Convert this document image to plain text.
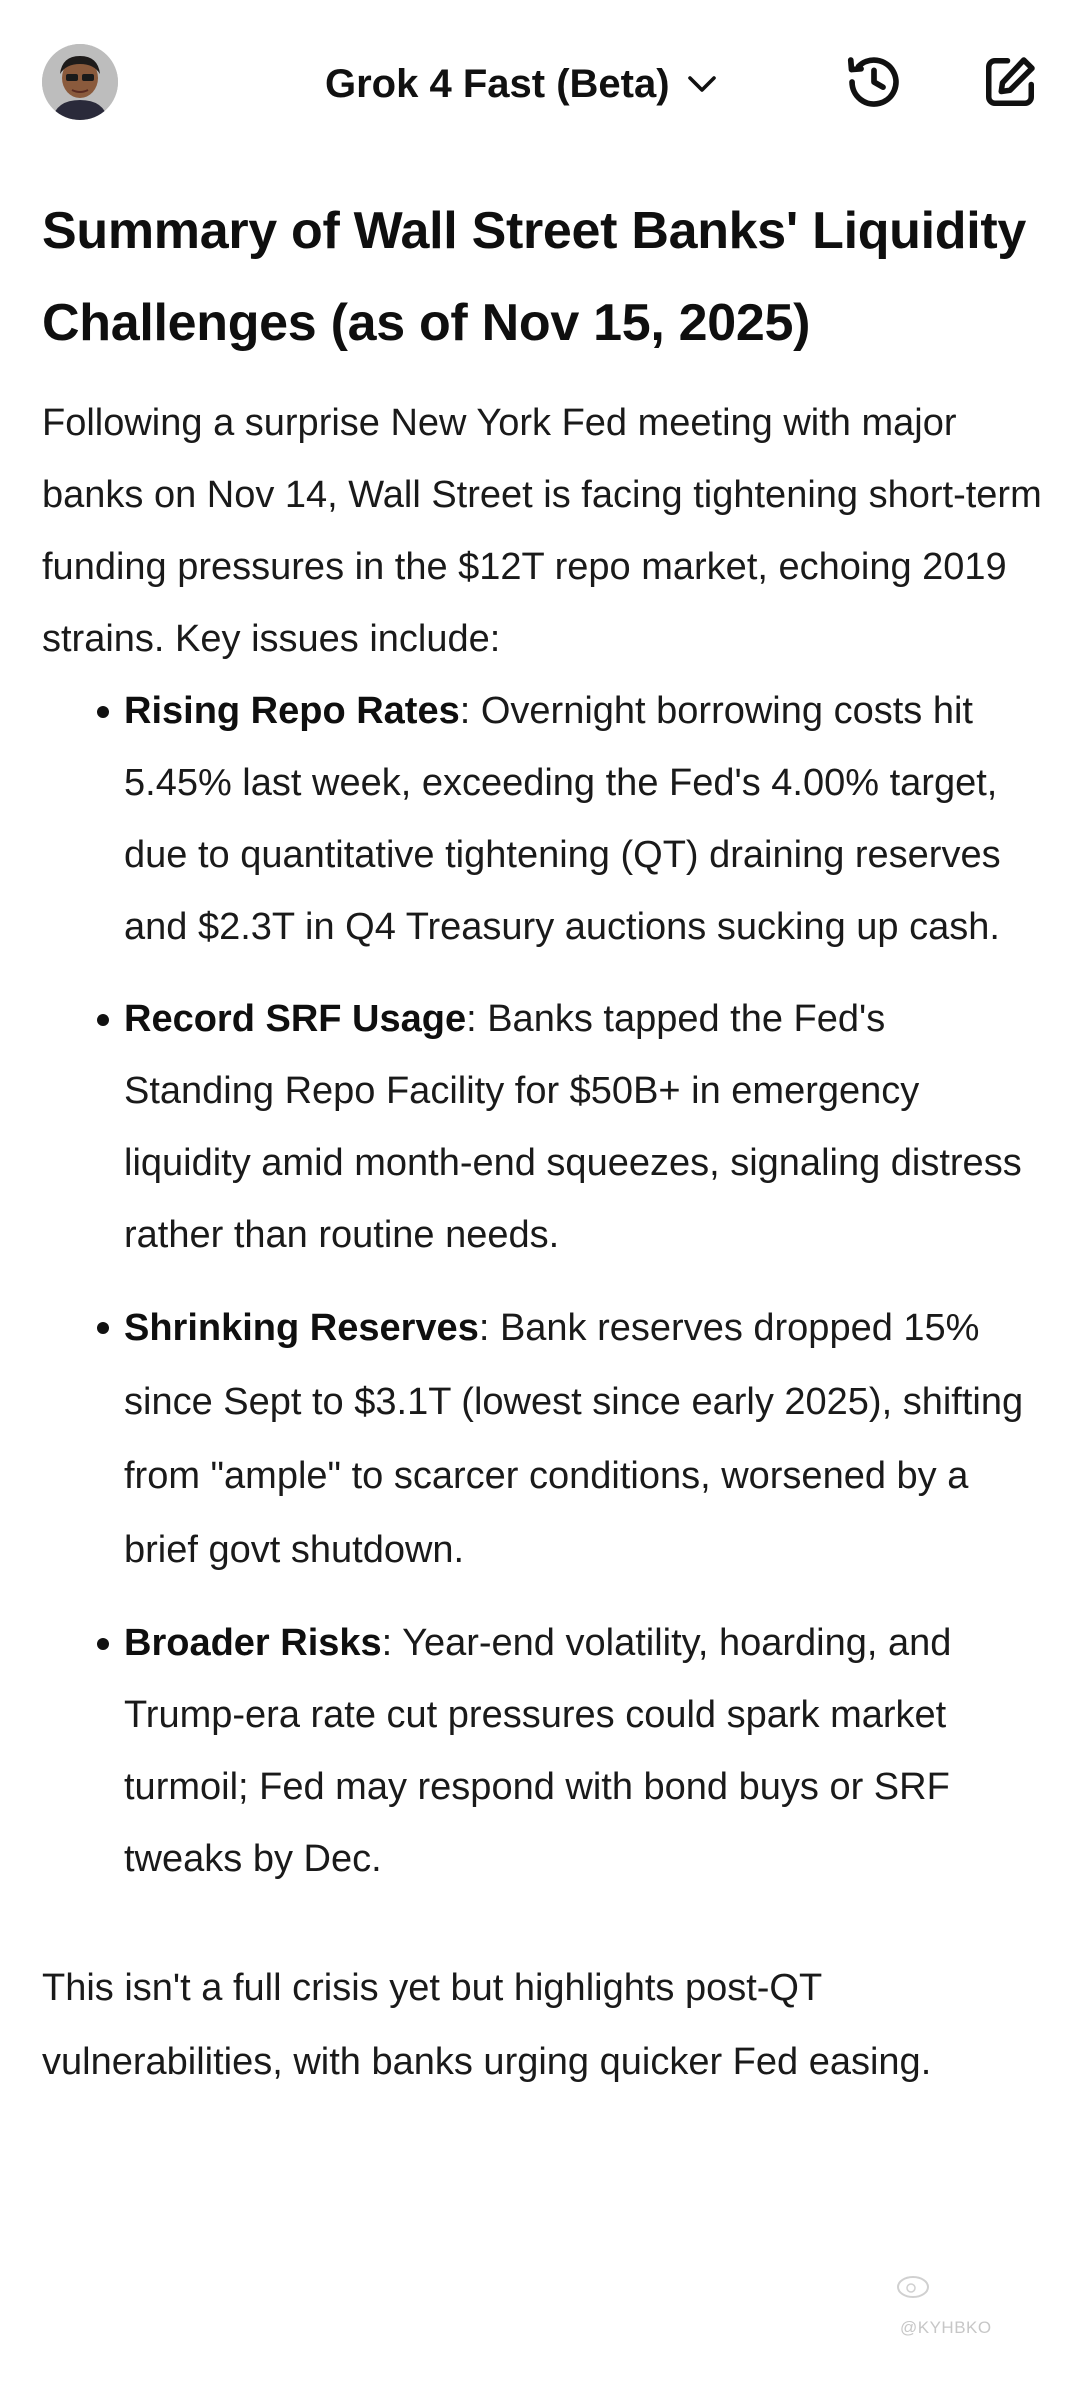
Grok 4 Fast (Beta)
Summary of Wall Street Banks' Liquidity Challenges (as of Nov 15, 2025)

Following a surprise New York Fed meeting with major banks on Nov 14, Wall Street is facing tightening short-term funding pressures in the $12T repo market, echoing 2019 strains. Key issues include:

Rising Repo Rates: Overnight borrowing costs hit 5.45% last week, exceeding the Fed's 4.00% target, due to quantitative tightening (QT) draining reserves and $2.3T in Q4 Treasury auctions sucking up cash.
Record SRF Usage: Banks tapped the Fed's Standing Repo Facility for $50B+ in emergency liquidity amid month-end squeezes, signaling distress rather than routine needs.
Shrinking Reserves: Bank reserves dropped 15% since Sept to $3.1T (lowest since early 2025), shifting from "ample" to scarcer conditions, worsened by a brief govt shutdown.
Broader Risks: Year-end volatility, hoarding, and Trump-era rate cut pressures could spark market turmoil; Fed may respond with bond buys or SRF tweaks by Dec.

This isn't a full crisis yet but highlights post-QT vulnerabilities, with banks urging quicker Fed easing.

@KYHBKO
